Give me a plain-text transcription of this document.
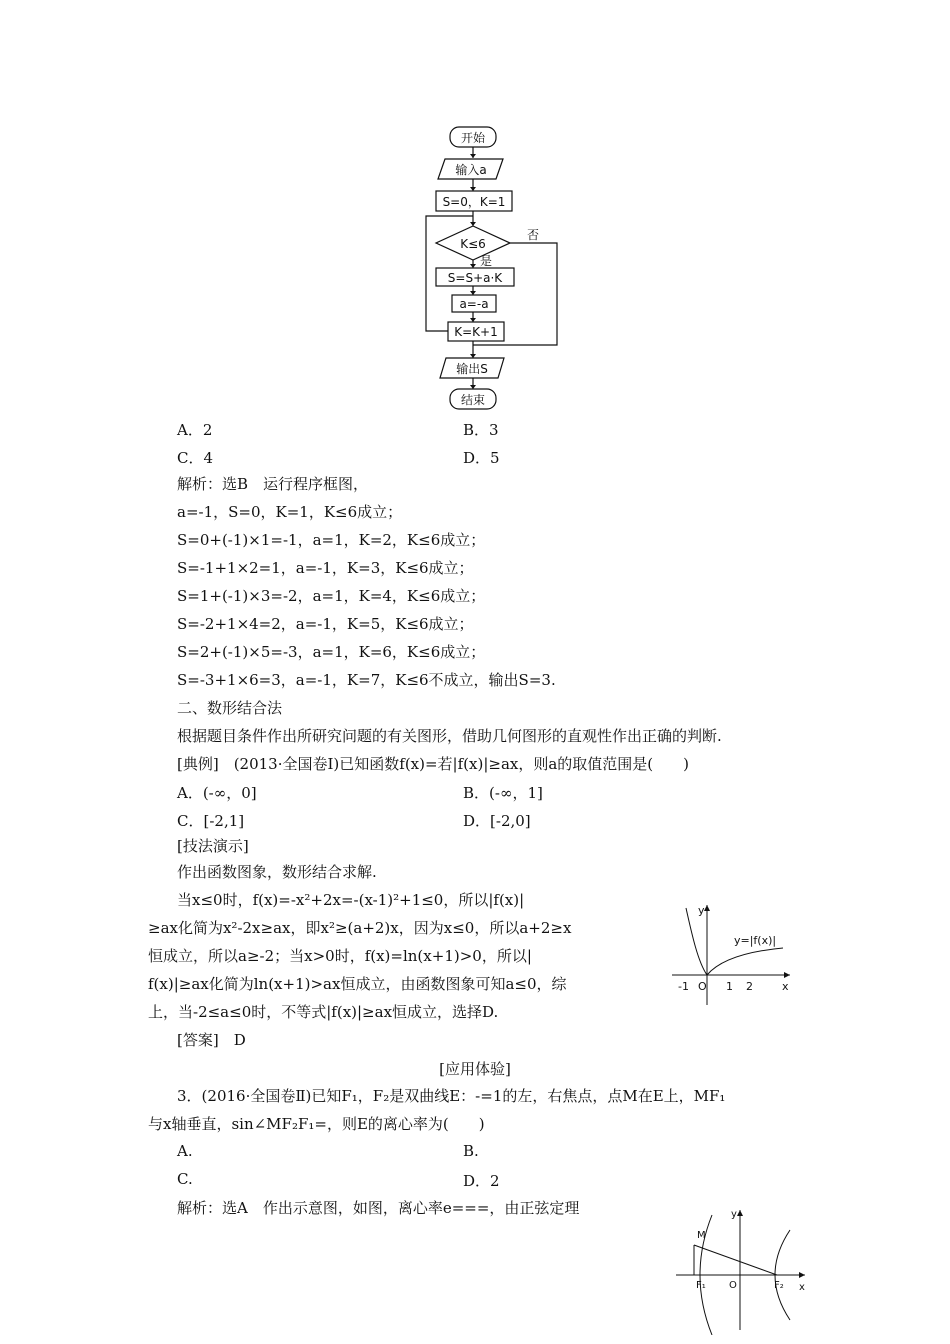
开始
输入a
S=0，K=1
K≤6
是
否
S=S+a·K
a=-a
K=K+1
输出S
结束
A．2	B．3
C．4	D．5
解析：选B　运行程序框图，
a=-1，S=0，K=1，K≤6成立；
S=0+(-1)×1=-1，a=1，K=2，K≤6成立；
S=-1+1×2=1，a=-1，K=3，K≤6成立；
S=1+(-1)×3=-2，a=1，K=4，K≤6成立；
S=-2+1×4=2，a=-1，K=5，K≤6成立；
S=2+(-1)×5=-3，a=1，K=6，K≤6成立；
S=-3+1×6=3，a=-1，K=7，K≤6不成立，输出S=3.
二、数形结合法
根据题目条件作出所研究问题的有关图形，借助几何图形的直观性作出正确的判断.
[典例]　(2013·全国卷Ⅰ)已知函数f(x)=若|f(x)|≥ax，则a的取值范围是(　　)
A．(-∞，0]	B．(-∞，1]
C．[-2,1]	D．[-2,0]
[技法演示]
作出函数图象，数形结合求解.
当x≤0时，f(x)=-x²+2x=-(x-1)²+1≤0，所以|f(x)|
≥ax化简为x²-2x≥ax，即x²≥(a+2)x，因为x≤0，所以a+2≥x
恒成立，所以a≥-2；当x>0时，f(x)=ln(x+1)>0，所以|
f(x)|≥ax化简为ln(x+1)>ax恒成立，由函数图象可知a≤0，综
上，当-2≤a≤0时，不等式|f(x)|≥ax恒成立，选择D.
[答案]　D
y=|f(x)|
y
x
O
-1	1 2
[应用体验]
3．(2016·全国卷Ⅱ)已知F₁，F₂是双曲线E：-=1的左，右焦点，点M在E上，MF₁
与x轴垂直，sin∠MF₂F₁=，则E的离心率为(　　)
A.	B.
C.	D．2
解析：选A　作出示意图，如图，离心率e===，由正弦定理	y
x
M
O
F₁	F₂
